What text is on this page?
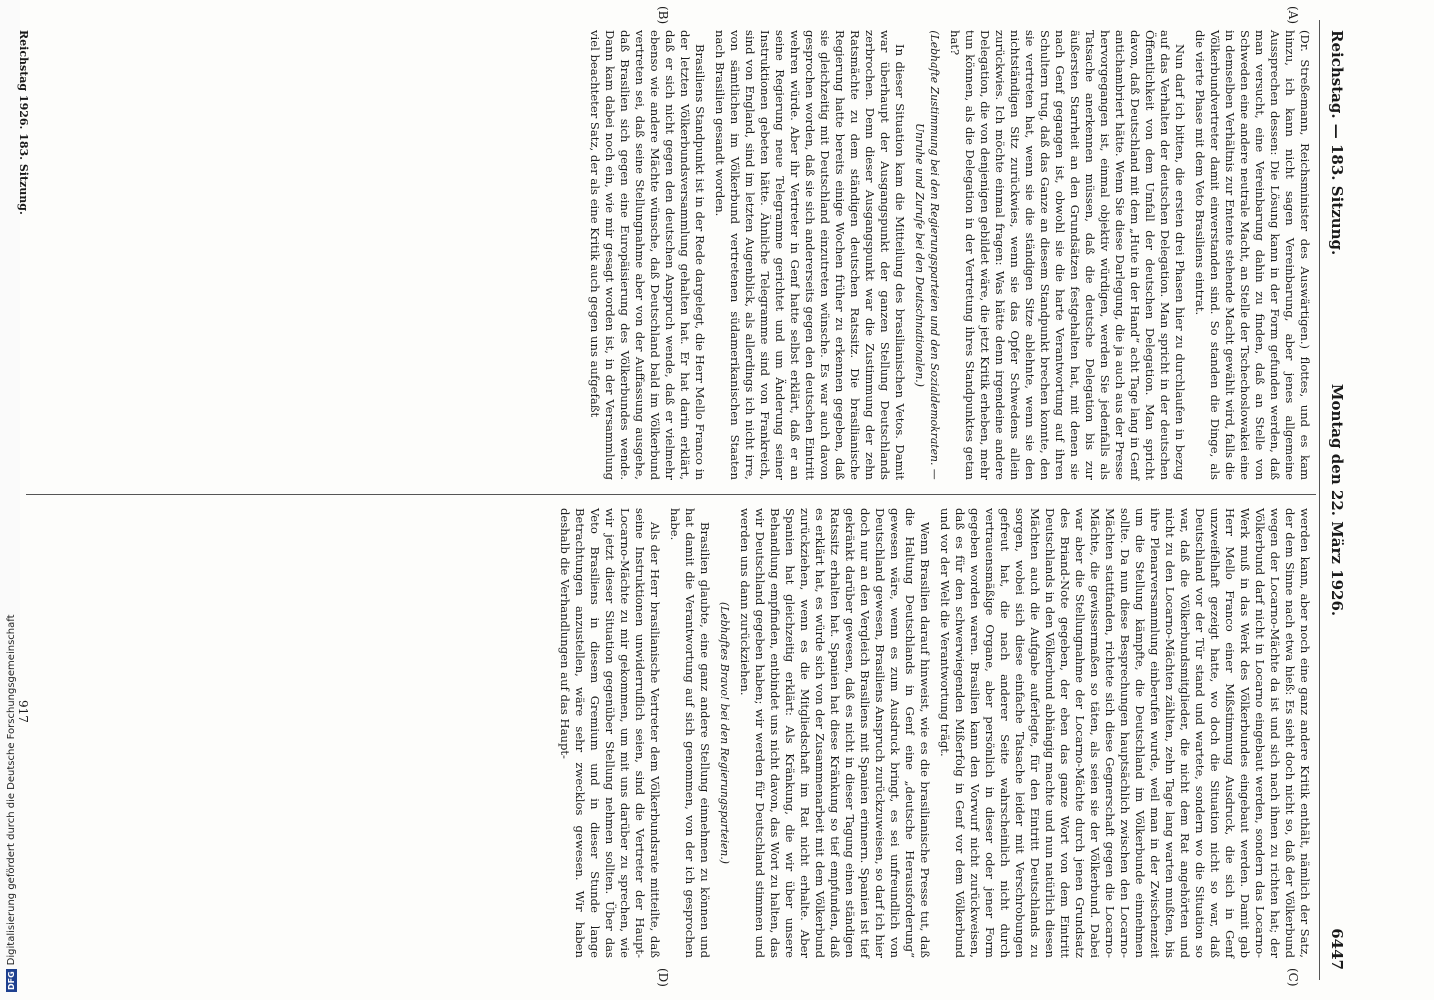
Reichstag. — 183. Sitzung.
Montag den 22. März 1926.
6447
(A)
(B)
(C)
(D)

(Dr. Streßemann, Reichsminister des Auswärtigen.) flottes, und es kam hinzu, ich kann nicht sagen Vereinbarung, aber jenes allgemeine Aussprechen dessen: Die Lösung kann in der Form gefunden werden, daß man versucht, eine Vereinbarung dahin zu finden, daß an Stelle von Schweden eine andere neutrale Macht, an Stelle der Tschechoslowakei eine in demselben Verhältnis zur Entente stehende Macht gewählt wird, falls die Völkerbundvertreter damit einverstanden sind. So standen die Dinge, als die vierte Phase mit dem Veto Brasiliens eintrat.

Nun darf ich bitten, die ersten drei Phasen hier zu durchlaufen in bezug auf das Verhalten der deutschen Delegation. Man spricht in der deutschen Öffentlichkeit von dem Umfall der deutschen Delegation. Man spricht davon, daß Deutschland mit dem „Hute in der Hand“ acht Tage lang in Genf antichambriert hätte. Wenn Sie diese Darlegung, die ja auch aus der Presse hervorgegangen ist, einmal objektiv würdigen, werden Sie jedenfalls als Tatsache anerkennen müssen, daß die deutsche Delegation bis zur äußersten Starrheit an den Grundsätzen festgehalten hat, mit denen sie nach Genf gegangen ist, obwohl sie die harte Verantwortung auf ihren Schultern trug, daß das Ganze an diesem Standpunkt brechen konnte, den sie vertreten hat, wenn sie die ständigen Sitze ablehnte, wenn sie den nichtständigen Sitz zurückwies, wenn sie das Opfer Schwedens allein zurückwies. Ich möchte einmal fragen: Was hätte denn irgendeine andere Delegation, die von denjenigen gebildet wäre, die jetzt Kritik erheben, mehr tun können, als die Delegation in der Vertretung ihres Standpunktes getan hat?

(Lebhafte Zustimmung bei den Regierungsparteien und den Sozialdemokraten. — Unruhe und Zurufe bei den Deutschnationalen.)

In dieser Situation kam die Mitteilung des brasilianischen Vetos. Damit war überhaupt der Ausgangspunkt der ganzen Stellung Deutschlands zerbrochen. Denn dieser Ausgangspunkt war die Zustimmung der zehn Ratsmächte zu dem ständigen deutschen Ratssitz. Die brasilianische Regierung hatte bereits einige Wochen früher zu erkennen gegeben, daß sie gleichzeitig mit Deutschland einzutreten wünsche. Es war auch davon gesprochen worden, daß sie sich andererseits gegen den deutschen Eintritt wehren würde. Aber ihr Vertreter in Genf hatte selbst erklärt, daß er an seine Regierung neue Telegramme gerichtet und um Änderung seiner Instruktionen gebeten hätte. Ähnliche Telegramme sind von Frankreich, sind von England, sind im letzten Augenblick, als allerdings ich nicht irre, von sämtlichen im Völkerbund vertretenen südamerikanischen Staaten nach Brasilien gesandt worden.

Brasiliens Standpunkt ist in der Rede dargelegt, die Herr Mello Franco in der letzten Völkerbundsversammlung gehalten hat. Er hat darin erklärt, daß er sich nicht gegen den deutschen Anspruch wende, daß er vielmehr ebenso wie andere Mächte wünsche, daß Deutschland bald im Völkerbund vertreten sei, daß seine Stellungnahme aber von der Auffassung ausgehe, daß Brasilien sich gegen eine Europäisierung des Völkerbundes wende. Dann kam dabei noch ein, wie mir gesagt worden ist, in der Versammlung viel beachteter Satz, der als eine Kritik auch gegen uns aufgefaßt

werden kann, aber noch eine ganz andere Kritik enthält, nämlich der Satz, der dem Sinne nach etwa hieß: Es sieht doch nicht so, daß der Völkerbund wegen der Locarno-Mächte da ist und sich nach ihnen zu richten hat; der Völkerbund darf nicht in Locarno eingebaut werden, sondern das Locarno-Werk muß in das Werk des Völkerbundes eingebaut werden. Damit gab Herr Mello Franco einer Mißstimmung Ausdruck, die sich in Genf unzweifelhaft gezeigt hatte, wo doch die Situation nicht so war, daß Deutschland vor der Tür stand und wartete, sondern wo die Situation so war, daß die Völkerbundsmitglieder, die nicht dem Rat angehörten und nicht zu den Locarno-Mächten zählten, zehn Tage lang warten mußten, bis ihre Plenarversammlung einberufen wurde, weil man in der Zwischenzeit um die Stellung kämpfte, die Deutschland im Völkerbunde einnehmen sollte. Da nun diese Besprechungen hauptsächlich zwischen den Locarno-Mächten stattfanden, richtete sich diese Gegnerschaft gegen die Locarno-Mächte, die gewissermaßen so täten, als seien sie der Völkerbund. Dabei war aber die Stellungnahme der Locarno-Mächte durch jenen Grundsatz des Briand-Note gegeben, der eben das ganze Wort von dem Eintritt Deutschlands in den Völkerbund abhängig machte und nun natürlich diesen Mächten auch die Aufgabe auferlegte, für den Eintritt Deutschlands zu sorgen, wobei sich diese einfache Tatsache leider mit Verschrobungen gefreut hat, die nach anderer Seite wahrscheinlich nicht durch vertrauensmäßige Organe, aber persönlich in dieser oder jener Form gegeben worden waren. Brasilien kann den Vorwurf nicht zurückweisen, daß es für den schwerwiegenden Mißerfolg in Genf vor dem Völkerbund und vor der Welt die Verantwortung trägt.

Wenn Brasilien darauf hinweist, wie es die brasilianische Presse tut, daß die Haltung Deutschlands in Genf eine „deutsche Herausforderung“ gewesen wäre, wenn es zum Ausdruck bringt, es sei unfreundlich von Deutschland gewesen, Brasiliens Anspruch zurückzuweisen, so darf ich hier doch nur an den Vergleich Brasiliens mit Spanien erinnern. Spanien ist tief gekränkt darüber gewesen, daß es nicht in dieser Tagung einen ständigen Ratssitz erhalten hat. Spanien hat diese Kränkung so tief empfunden, daß es erklärt hat, es würde sich von der Zusammenarbeit mit dem Völkerbund zurückziehen, wenn es die Mitgliedschaft im Rat nicht erhalte. Aber Spanien hat gleichzeitig erklärt: Als Kränkung, die wir über unsere Behandlung empfinden, entbindet uns nicht davon, das Wort zu halten, das wir Deutschland gegeben haben; wir werden für Deutschland stimmen und werden uns dann zurückziehen.

(Lebhaftes Bravo! bei den Regierungsparteien.)

Brasilien glaubte, eine ganz andere Stellung einnehmen zu können und hat damit die Verantwortung auf sich genommen, von der ich gesprochen habe.

Als der Herr brasilianische Vertreter dem Völkerbundsrate mitteilte, daß seine Instruktionen unwiderruflich seien, sind die Vertreter der Haupt-Locarno-Mächte zu mir gekommen, um mit uns darüber zu sprechen, wie wir jetzt dieser Situation gegenüber Stellung nehmen sollten. Über das Veto Brasiliens in diesem Gremium und in dieser Stunde lange Betrachtungen anzustellen, wäre sehr zwecklos gewesen. Wir haben deshalb die Verhandlungen auf das Haupt-

Reichstag 1926. 183. Sitzung.
917
DFGDigitalisierung gefördert durch die Deutsche Forschungsgemeinschaft
